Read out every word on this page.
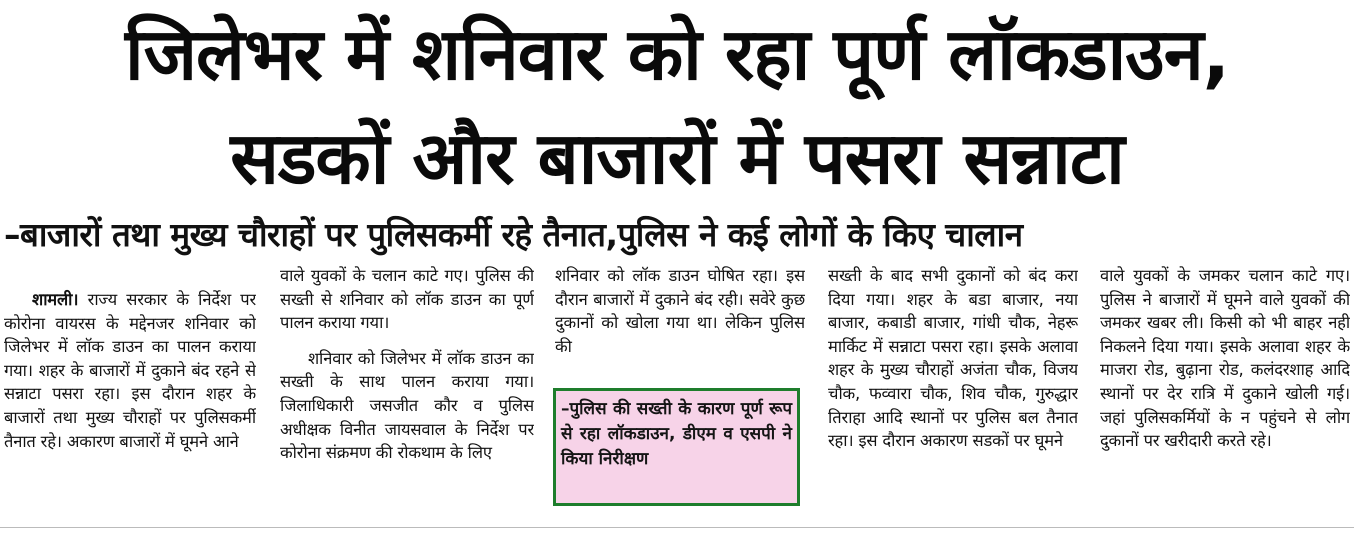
जिलेभर में शनिवार को रहा पूर्ण लॉकडाउन,
सडकों और बाजारों में पसरा सन्नाटा
–बाजारों तथा मुख्य चौराहों पर पुलिसकर्मी रहे तैनात,पुलिस ने कई लोगों के किए चालान
शामली। राज्य सरकार के निर्देश पर कोरोना वायरस के मद्देनजर शनिवार को जिलेभर में लॉक डाउन का पालन कराया गया। शहर के बाजारों में दुकाने बंद रहने से सन्नाटा पसरा रहा। इस दौरान शहर के बाजारों तथा मुख्य चौराहों पर पुलिसकर्मी तैनात रहे। अकारण बाजारों में घूमने आने
वाले युवकों के चलान काटे गए। पुलिस की सख्ती से शनिवार को लॉक डाउन का पूर्ण पालन कराया गया।
शनिवार को जिलेभर में लॉक डाउन का सख्ती के साथ पालन कराया गया। जिलाधिकारी जसजीत कौर व पुलिस अधीक्षक विनीत जायसवाल के निर्देश पर कोरोना संक्रमण की रोकथाम के लिए
शनिवार को लॉक डाउन घोषित रहा। इस दौरान बाजारों में दुकाने बंद रही। सवेरे कुछ दुकानों को खोला गया था। लेकिन पुलिस की
–पुलिस की सख्ती के कारण पूर्ण रूप से रहा लॉकडाउन, डीएम व एसपी ने किया निरीक्षण
सख्ती के बाद सभी दुकानों को बंद करा दिया गया। शहर के बडा बाजार, नया बाजार, कबाडी बाजार, गांधी चौक, नेहरू मार्किट में सन्नाटा पसरा रहा। इसके अलावा शहर के मुख्य चौराहों अजंता चौक, विजय चौक, फव्वारा चौक, शिव चौक, गुरुद्धार तिराहा आदि स्थानों पर पुलिस बल तैनात रहा। इस दौरान अकारण सडकों पर घूमने
वाले युवकों के जमकर चलान काटे गए। पुलिस ने बाजारों में घूमने वाले युवकों की जमकर खबर ली। किसी को भी बाहर नही निकलने दिया गया। इसके अलावा शहर के माजरा रोड, बुढ़ाना रोड, कलंदरशाह आदि स्थानों पर देर रात्रि में दुकाने खोली गई। जहां पुलिसकर्मियों के न पहुंचने से लोग दुकानों पर खरीदारी करते रहे।
